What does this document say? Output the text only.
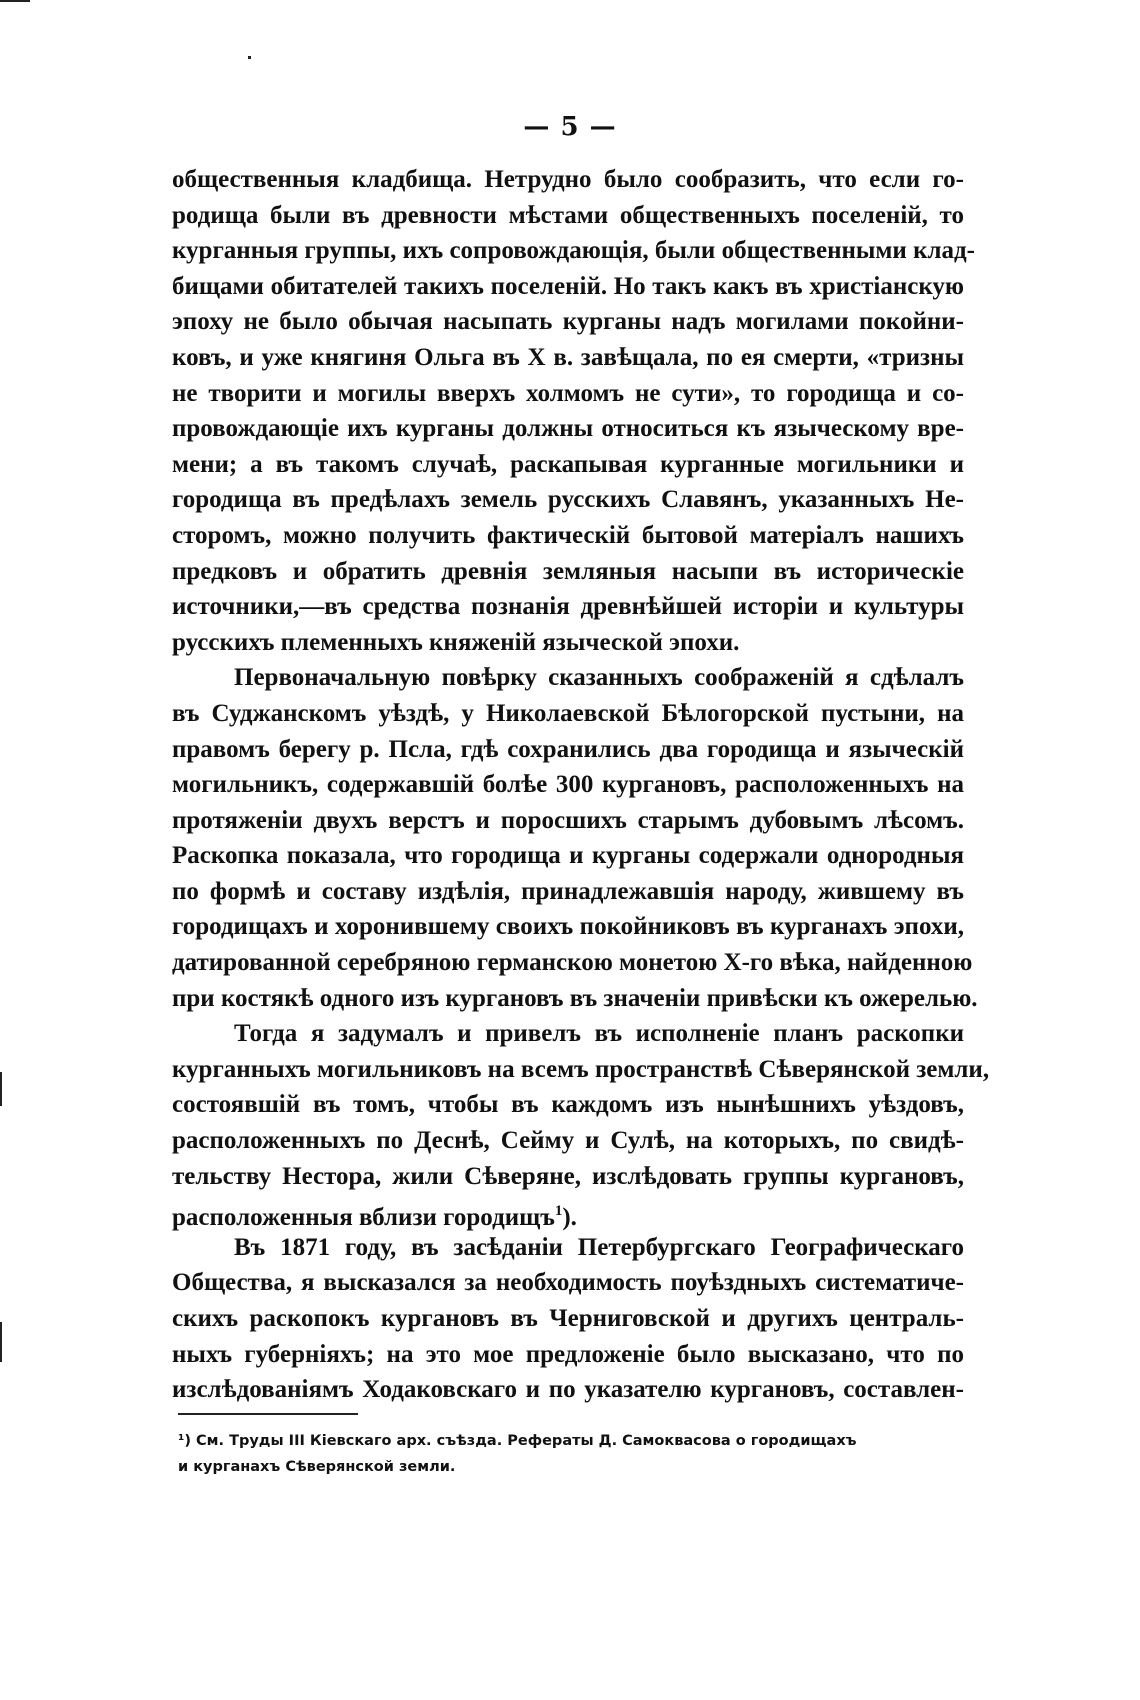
— 5 —
общественныя кладбища. Нетрудно было сообразить, что если го-
родища были въ древности мѣстами общественныхъ поселеній, то
курганныя группы, ихъ сопровождающія, были общественными клад-
бищами обитателей такихъ поселеній. Но такъ какъ въ христіанскую
эпоху не было обычая насыпать курганы надъ могилами покойни-
ковъ, и уже княгиня Ольга въ X в. завѣщала, по ея смерти, «тризны
не творити и могилы вверхъ холмомъ не сути», то городища и со-
провождающіе ихъ курганы должны относиться къ языческому вре-
мени; а въ такомъ случаѣ, раскапывая курганные могильники и
городища въ предѣлахъ земель русскихъ Славянъ, указанныхъ Не-
сторомъ, можно получить фактическій бытовой матеріалъ нашихъ
предковъ и обратить древнія земляныя насыпи въ историческіе
источники,—въ средства познанія древнѣйшей исторіи и культуры
русскихъ племенныхъ княженій языческой эпохи.
Первоначальную повѣрку сказанныхъ соображеній я сдѣлалъ
въ Суджанскомъ уѣздѣ, у Николаевской Бѣлогорской пустыни, на
правомъ берегу р. Псла, гдѣ сохранились два городища и языческій
могильникъ, содержавшій болѣе 300 кургановъ, расположенныхъ на
протяженіи двухъ верстъ и поросшихъ старымъ дубовымъ лѣсомъ.
Раскопка показала, что городища и курганы содержали однородныя
по формѣ и составу издѣлія, принадлежавшія народу, жившему въ
городищахъ и хоронившему своихъ покойниковъ въ курганахъ эпохи,
датированной серебряною германскою монетою X-го вѣка, найденною
при костякѣ одного изъ кургановъ въ значеніи привѣски къ ожерелью.
Тогда я задумалъ и привелъ въ исполненіе планъ раскопки
курганныхъ могильниковъ на всемъ пространствѣ Сѣверянской земли,
состоявшій въ томъ, чтобы въ каждомъ изъ нынѣшнихъ уѣздовъ,
расположенныхъ по Деснѣ, Сейму и Сулѣ, на которыхъ, по свидѣ-
тельству Нестора, жили Сѣверяне, изслѣдовать группы кургановъ,
расположенныя вблизи городищъ$^1$).
Въ 1871 году, въ засѣданіи Петербургскаго Географическаго
Общества, я высказался за необходимость поуѣздныхъ систематиче-
скихъ раскопокъ кургановъ въ Черниговской и другихъ централь-
ныхъ губерніяхъ; на это мое предложеніе было высказано, что по
изслѣдованіямъ Ходаковскаго и по указателю кургановъ, составлен-
¹) См. Труды III Кіевскаго арх. съѣзда. Рефераты Д. Самоквасова о городищахъ
и курганахъ Сѣверянской земли.
